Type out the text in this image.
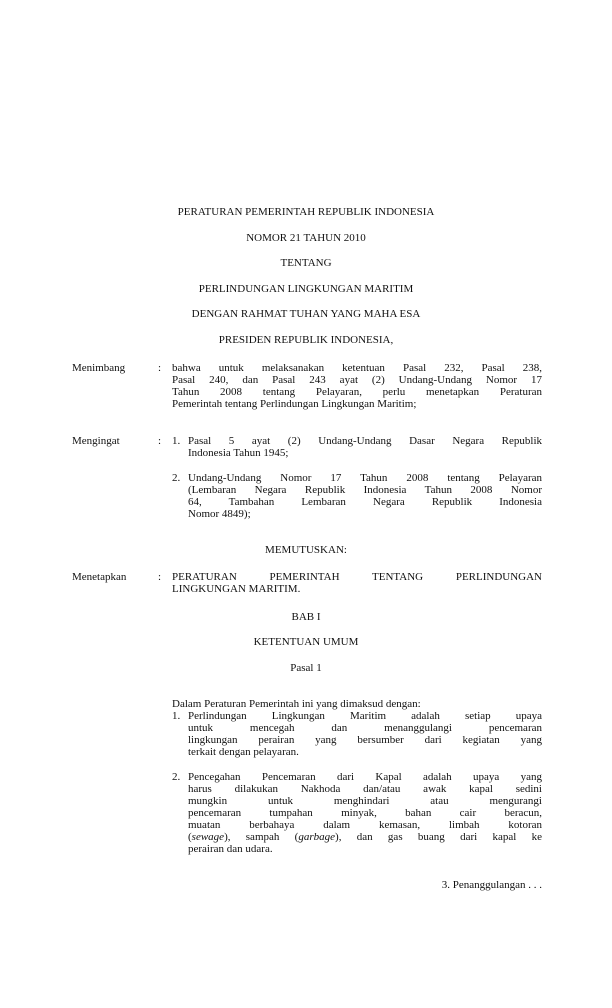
PERATURAN PEMERINTAH REPUBLIK INDONESIA
NOMOR 21 TAHUN 2010
TENTANG
PERLINDUNGAN LINGKUNGAN MARITIM
DENGAN RAHMAT TUHAN YANG MAHA ESA
PRESIDEN REPUBLIK INDONESIA,
Menimbang	: bahwa untuk melaksanakan ketentuan Pasal 232, Pasal 238,
Pasal 240, dan Pasal 243 ayat (2) Undang-Undang Nomor 17
Tahun 2008 tentang Pelayaran, perlu menetapkan Peraturan
Pemerintah tentang Perlindungan Lingkungan Maritim;
Mengingat	: 1. Pasal 5 ayat (2) Undang-Undang Dasar Negara Republik
Indonesia Tahun 1945;
2. Undang-Undang Nomor 17 Tahun 2008 tentang Pelayaran
(Lembaran Negara Republik Indonesia Tahun 2008 Nomor
64, Tambahan Lembaran Negara Republik Indonesia
Nomor 4849);
MEMUTUSKAN:
Menetapkan	: PERATURAN PEMERINTAH TENTANG PERLINDUNGAN
LINGKUNGAN MARITIM.
BAB I
KETENTUAN UMUM
Pasal 1
Dalam Peraturan Pemerintah ini yang dimaksud dengan:
1. Perlindungan Lingkungan Maritim adalah setiap upaya
untuk mencegah dan menanggulangi pencemaran
lingkungan perairan yang bersumber dari kegiatan yang
terkait dengan pelayaran.
2. Pencegahan Pencemaran dari Kapal adalah upaya yang
harus dilakukan Nakhoda dan/atau awak kapal sedini
mungkin untuk menghindari atau mengurangi
pencemaran tumpahan minyak, bahan cair beracun,
muatan berbahaya dalam kemasan, limbah kotoran
(sewage), sampah (garbage), dan gas buang dari kapal ke
perairan dan udara.
3. Penanggulangan . . .
